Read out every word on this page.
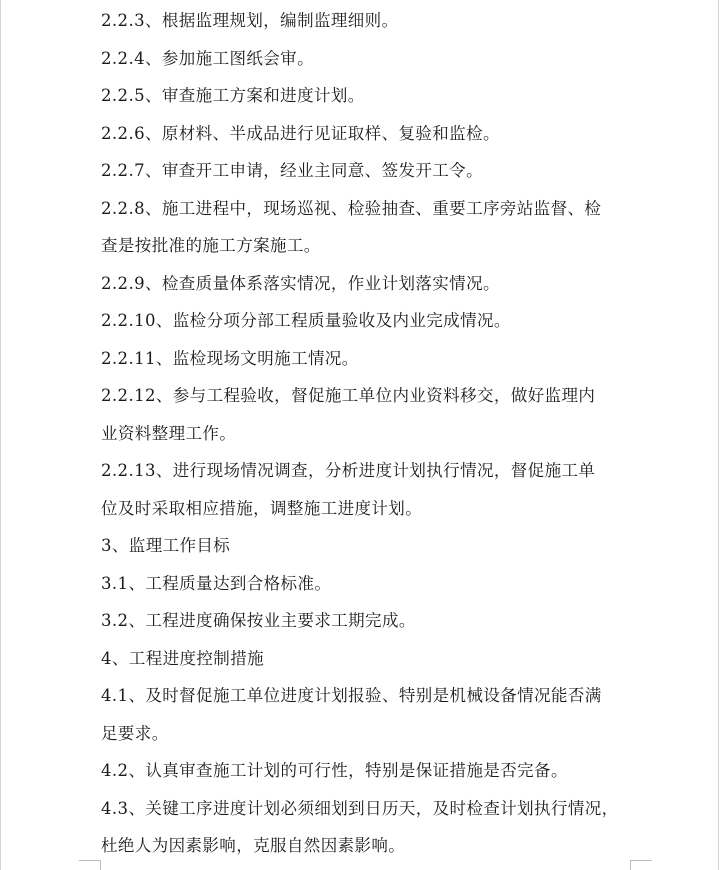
2.2.3、根据监理规划，编制监理细则。

2.2.4、参加施工图纸会审。

2.2.5、审查施工方案和进度计划。

2.2.6、原材料、半成品进行见证取样、复验和监检。

2.2.7、审查开工申请，经业主同意、签发开工令。

2.2.8、施工进程中，现场巡视、检验抽查、重要工序旁站监督、检

查是按批准的施工方案施工。

2.2.9、检查质量体系落实情况，作业计划落实情况。

2.2.10、监检分项分部工程质量验收及内业完成情况。

2.2.11、监检现场文明施工情况。

2.2.12、参与工程验收，督促施工单位内业资料移交，做好监理内

业资料整理工作。

2.2.13、进行现场情况调查，分析进度计划执行情况，督促施工单

位及时采取相应措施，调整施工进度计划。

3、监理工作目标

3.1、工程质量达到合格标准。

3.2、工程进度确保按业主要求工期完成。

4、工程进度控制措施

4.1、及时督促施工单位进度计划报验、特别是机械设备情况能否满

足要求。

4.2、认真审查施工计划的可行性，特别是保证措施是否完备。

4.3、关键工序进度计划必须细划到日历天，及时检查计划执行情况，

杜绝人为因素影响，克服自然因素影响。
